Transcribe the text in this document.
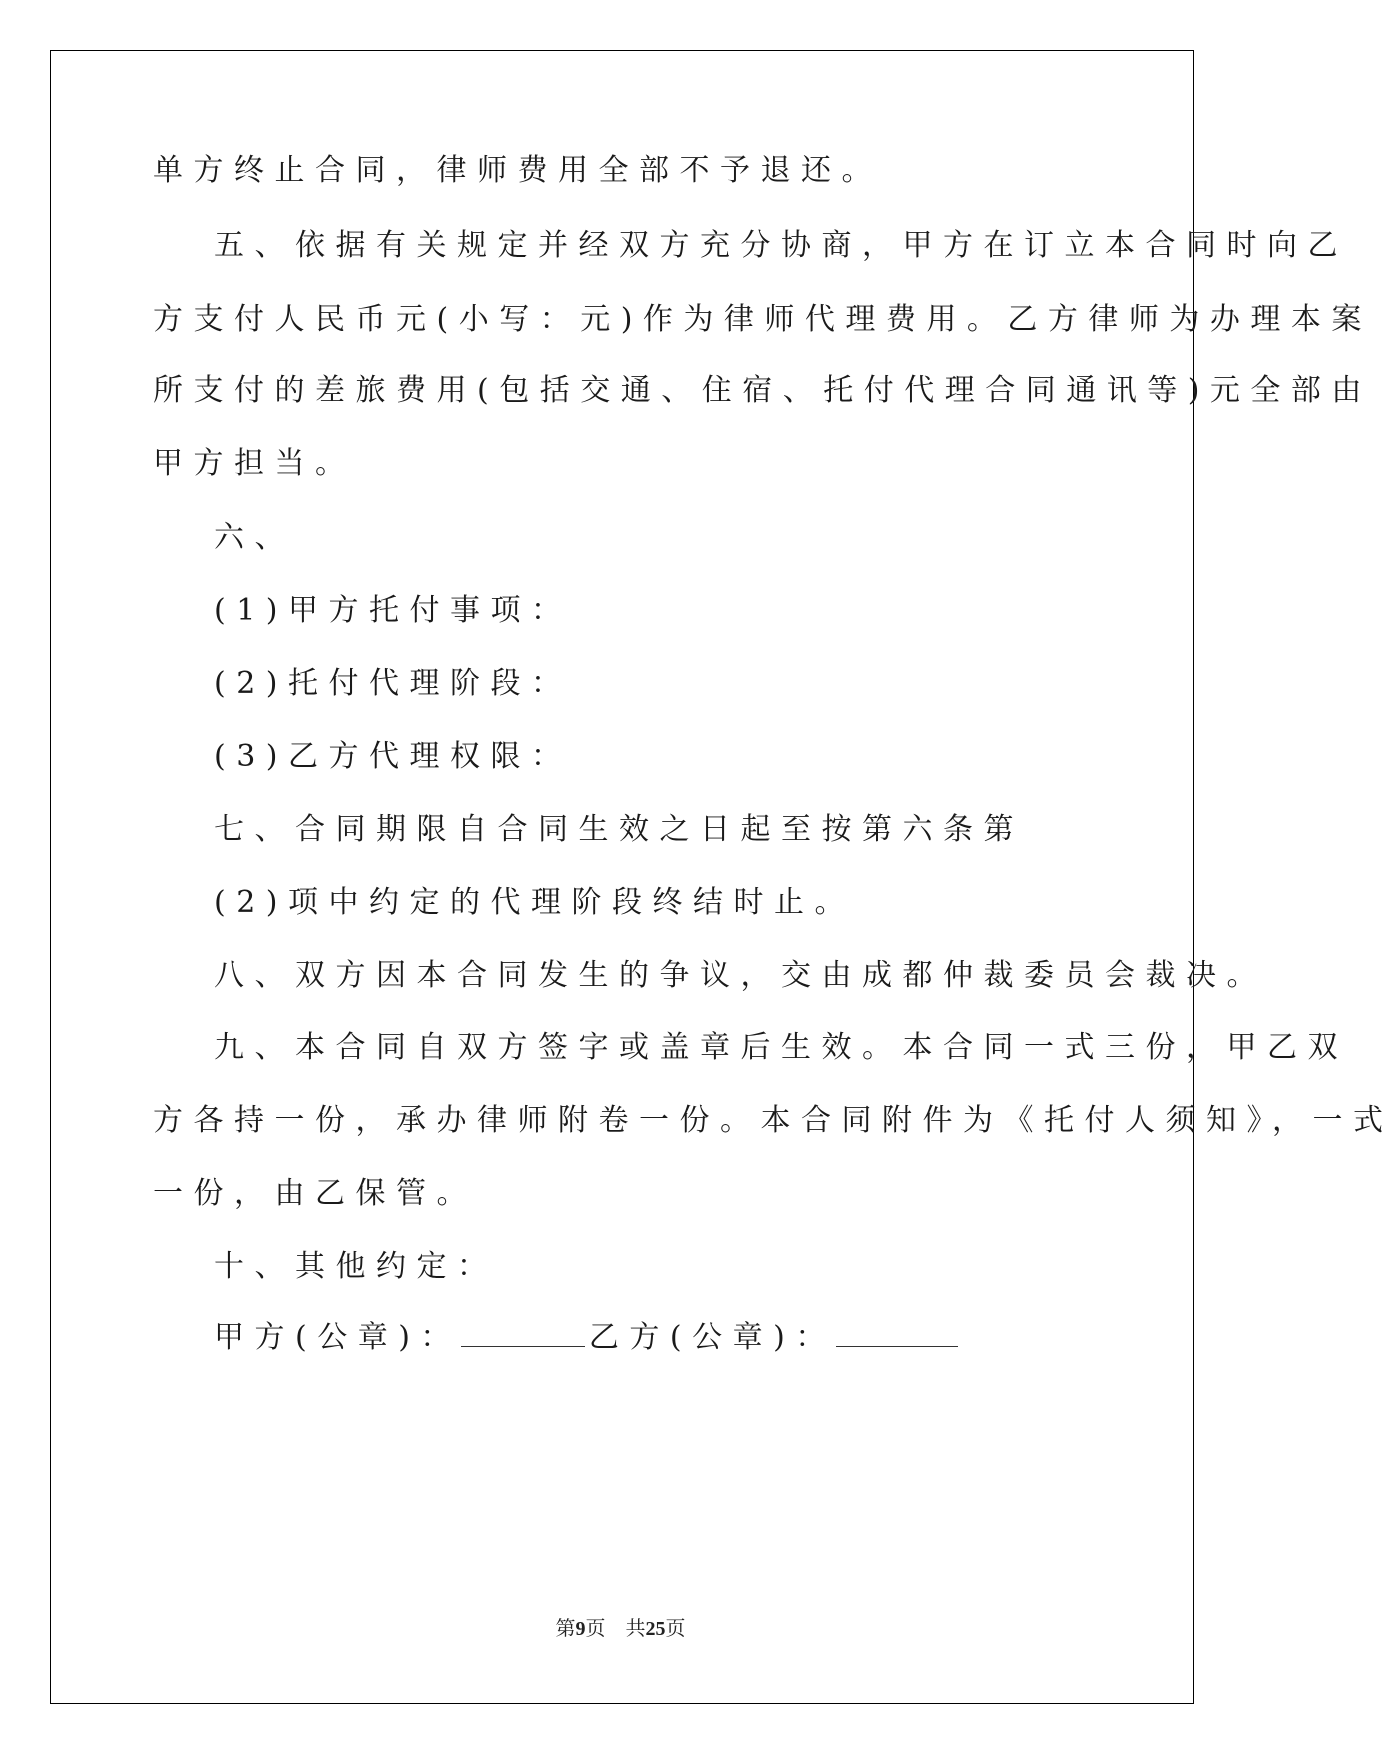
单方终止合同，律师费用全部不予退还。
五、依据有关规定并经双方充分协商，甲方在订立本合同时向乙
方支付人民币元(小写：元)作为律师代理费用。乙方律师为办理本案
所支付的差旅费用(包括交通、住宿、托付代理合同通讯等)元全部由
甲方担当。
六、
(1)甲方托付事项：
(2)托付代理阶段：
(3)乙方代理权限：
七、合同期限自合同生效之日起至按第六条第
(2)项中约定的代理阶段终结时止。
八、双方因本合同发生的争议，交由成都仲裁委员会裁决。
九、本合同自双方签字或盖章后生效。本合同一式三份，甲乙双
方各持一份，承办律师附卷一份。本合同附件为《托付人须知》，一式
一份，由乙保管。
十、其他约定：
甲方(公章)：	乙方(公章)：
第9页　共25页
